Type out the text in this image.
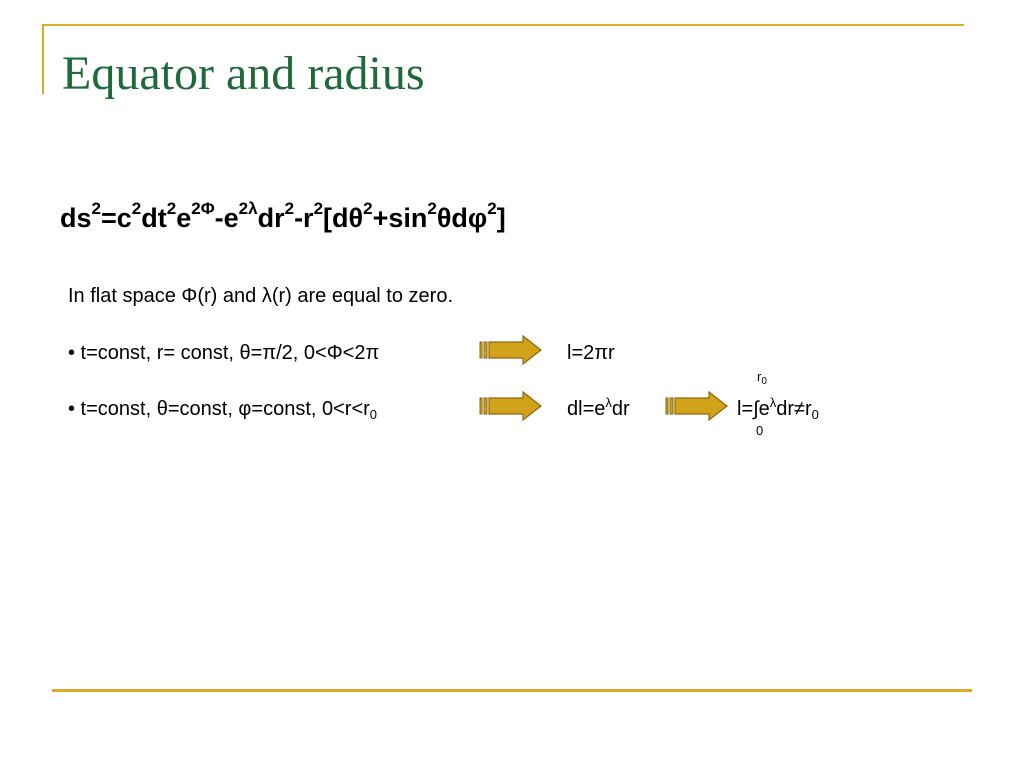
Equator and radius
$ds^2=c^2dt^2e^{2\Phi}-e^{2\lambda}dr^2-r^2[d\theta^2+\sin^2\theta d\varphi^2]$
In flat space Φ(r) and λ(r) are equal to zero.
• t=const, r= const, θ=π/2, 0<Φ<2π	l=2πr
• t=const, θ=const, φ=const, $0<r<r_0$	$dl=e^\lambda dr$
$r_0$
$l=\int e^\lambda dr\ne r_0$
0
